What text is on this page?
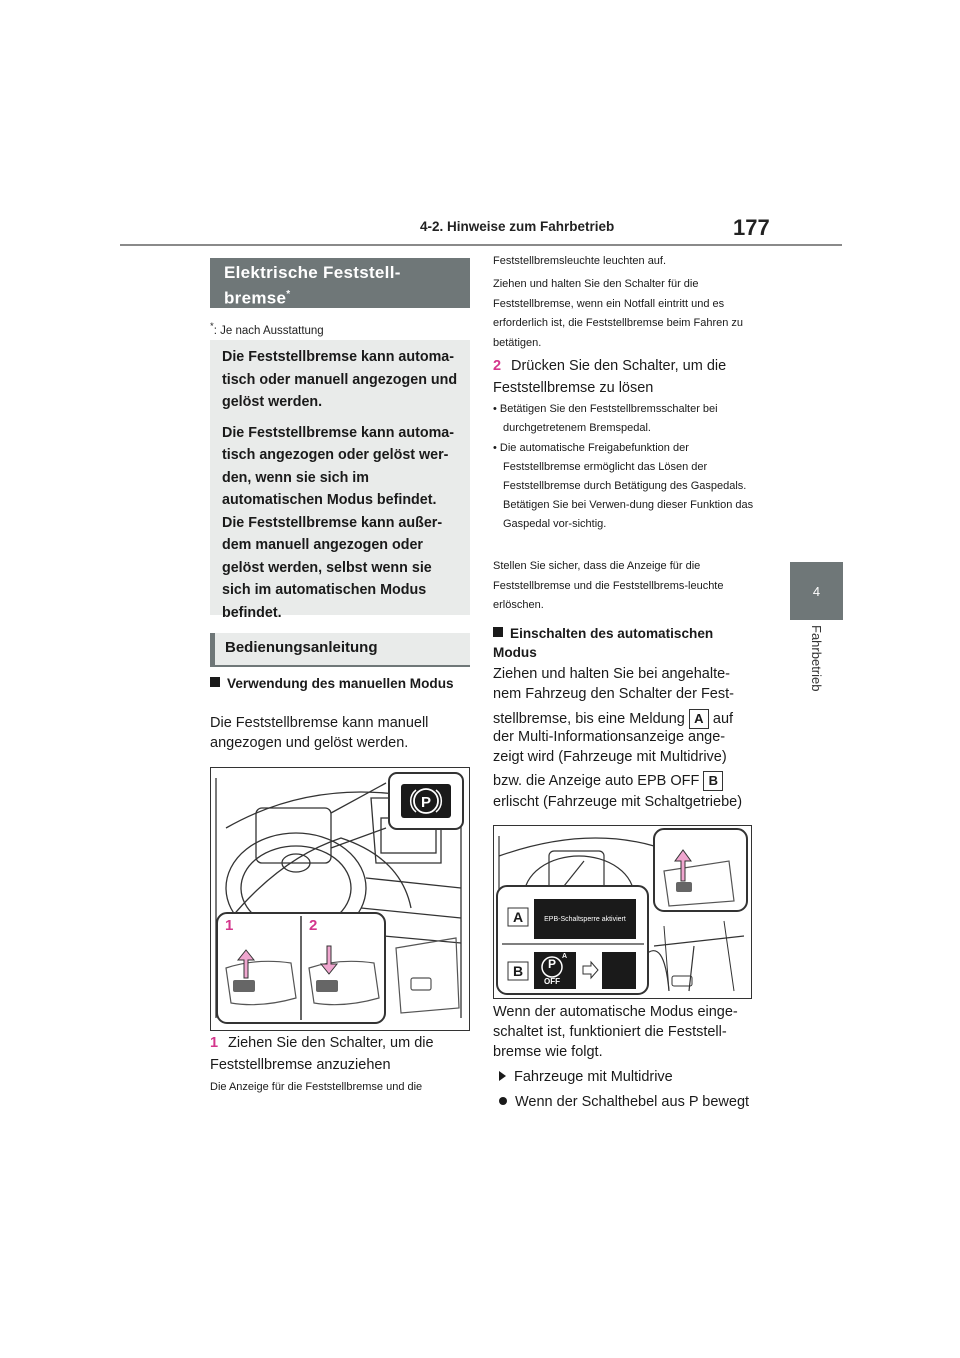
4-2. Hinweise zum Fahrbetrieb	177
4
Fahrbetrieb
Elektrische Feststell-bremse*
*: Je nach Ausstattung

Die Feststellbremse kann automa-tisch oder manuell angezogen und gelöst werden.

Die Feststellbremse kann automa-tisch angezogen oder gelöst wer-den, wenn sie sich im automatischen Modus befindet. Die Feststellbremse kann außer-dem manuell angezogen oder gelöst werden, selbst wenn sie sich im automatischen Modus befindet.

Bedienungsanleitung
Verwendung des manuellen Modus
Die Feststellbremse kann manuell angezogen und gelöst werden.
P
1	2
1 Ziehen Sie den Schalter, um die Feststellbremse anzuziehen
Die Anzeige für die Feststellbremse und die
Feststellbremsleuchte leuchten auf.
Ziehen und halten Sie den Schalter für die Feststellbremse, wenn ein Notfall eintritt und es erforderlich ist, die Feststellbremse beim Fahren zu betätigen.
2 Drücken Sie den Schalter, um die Feststellbremse zu lösen
• Betätigen Sie den Feststellbremsschalter bei durchgetretenem Bremspedal.
• Die automatische Freigabefunktion der Feststellbremse ermöglicht das Lösen der Feststellbremse durch Betätigung des Gaspedals. Betätigen Sie bei Verwen-dung dieser Funktion das Gaspedal vor-sichtig.
Stellen Sie sicher, dass die Anzeige für die Feststellbremse und die Feststellbrems-leuchte erlöschen.
Einschalten des automatischen Modus
Ziehen und halten Sie bei angehalte-nem Fahrzeug den Schalter der Fest-
stellbremse, bis eine Meldung A auf
der Multi-Informationsanzeige ange-zeigt wird (Fahrzeuge mit Multidrive)
bzw. die Anzeige auto EPB OFF B
erlischt (Fahrzeuge mit Schaltgetriebe)
A
B
EPB-Schaltsperre aktiviert
P
A
OFF
Wenn der automatische Modus einge-schaltet ist, funktioniert die Feststell-bremse wie folgt.
Fahrzeuge mit Multidrive
Wenn der Schalthebel aus P bewegt
